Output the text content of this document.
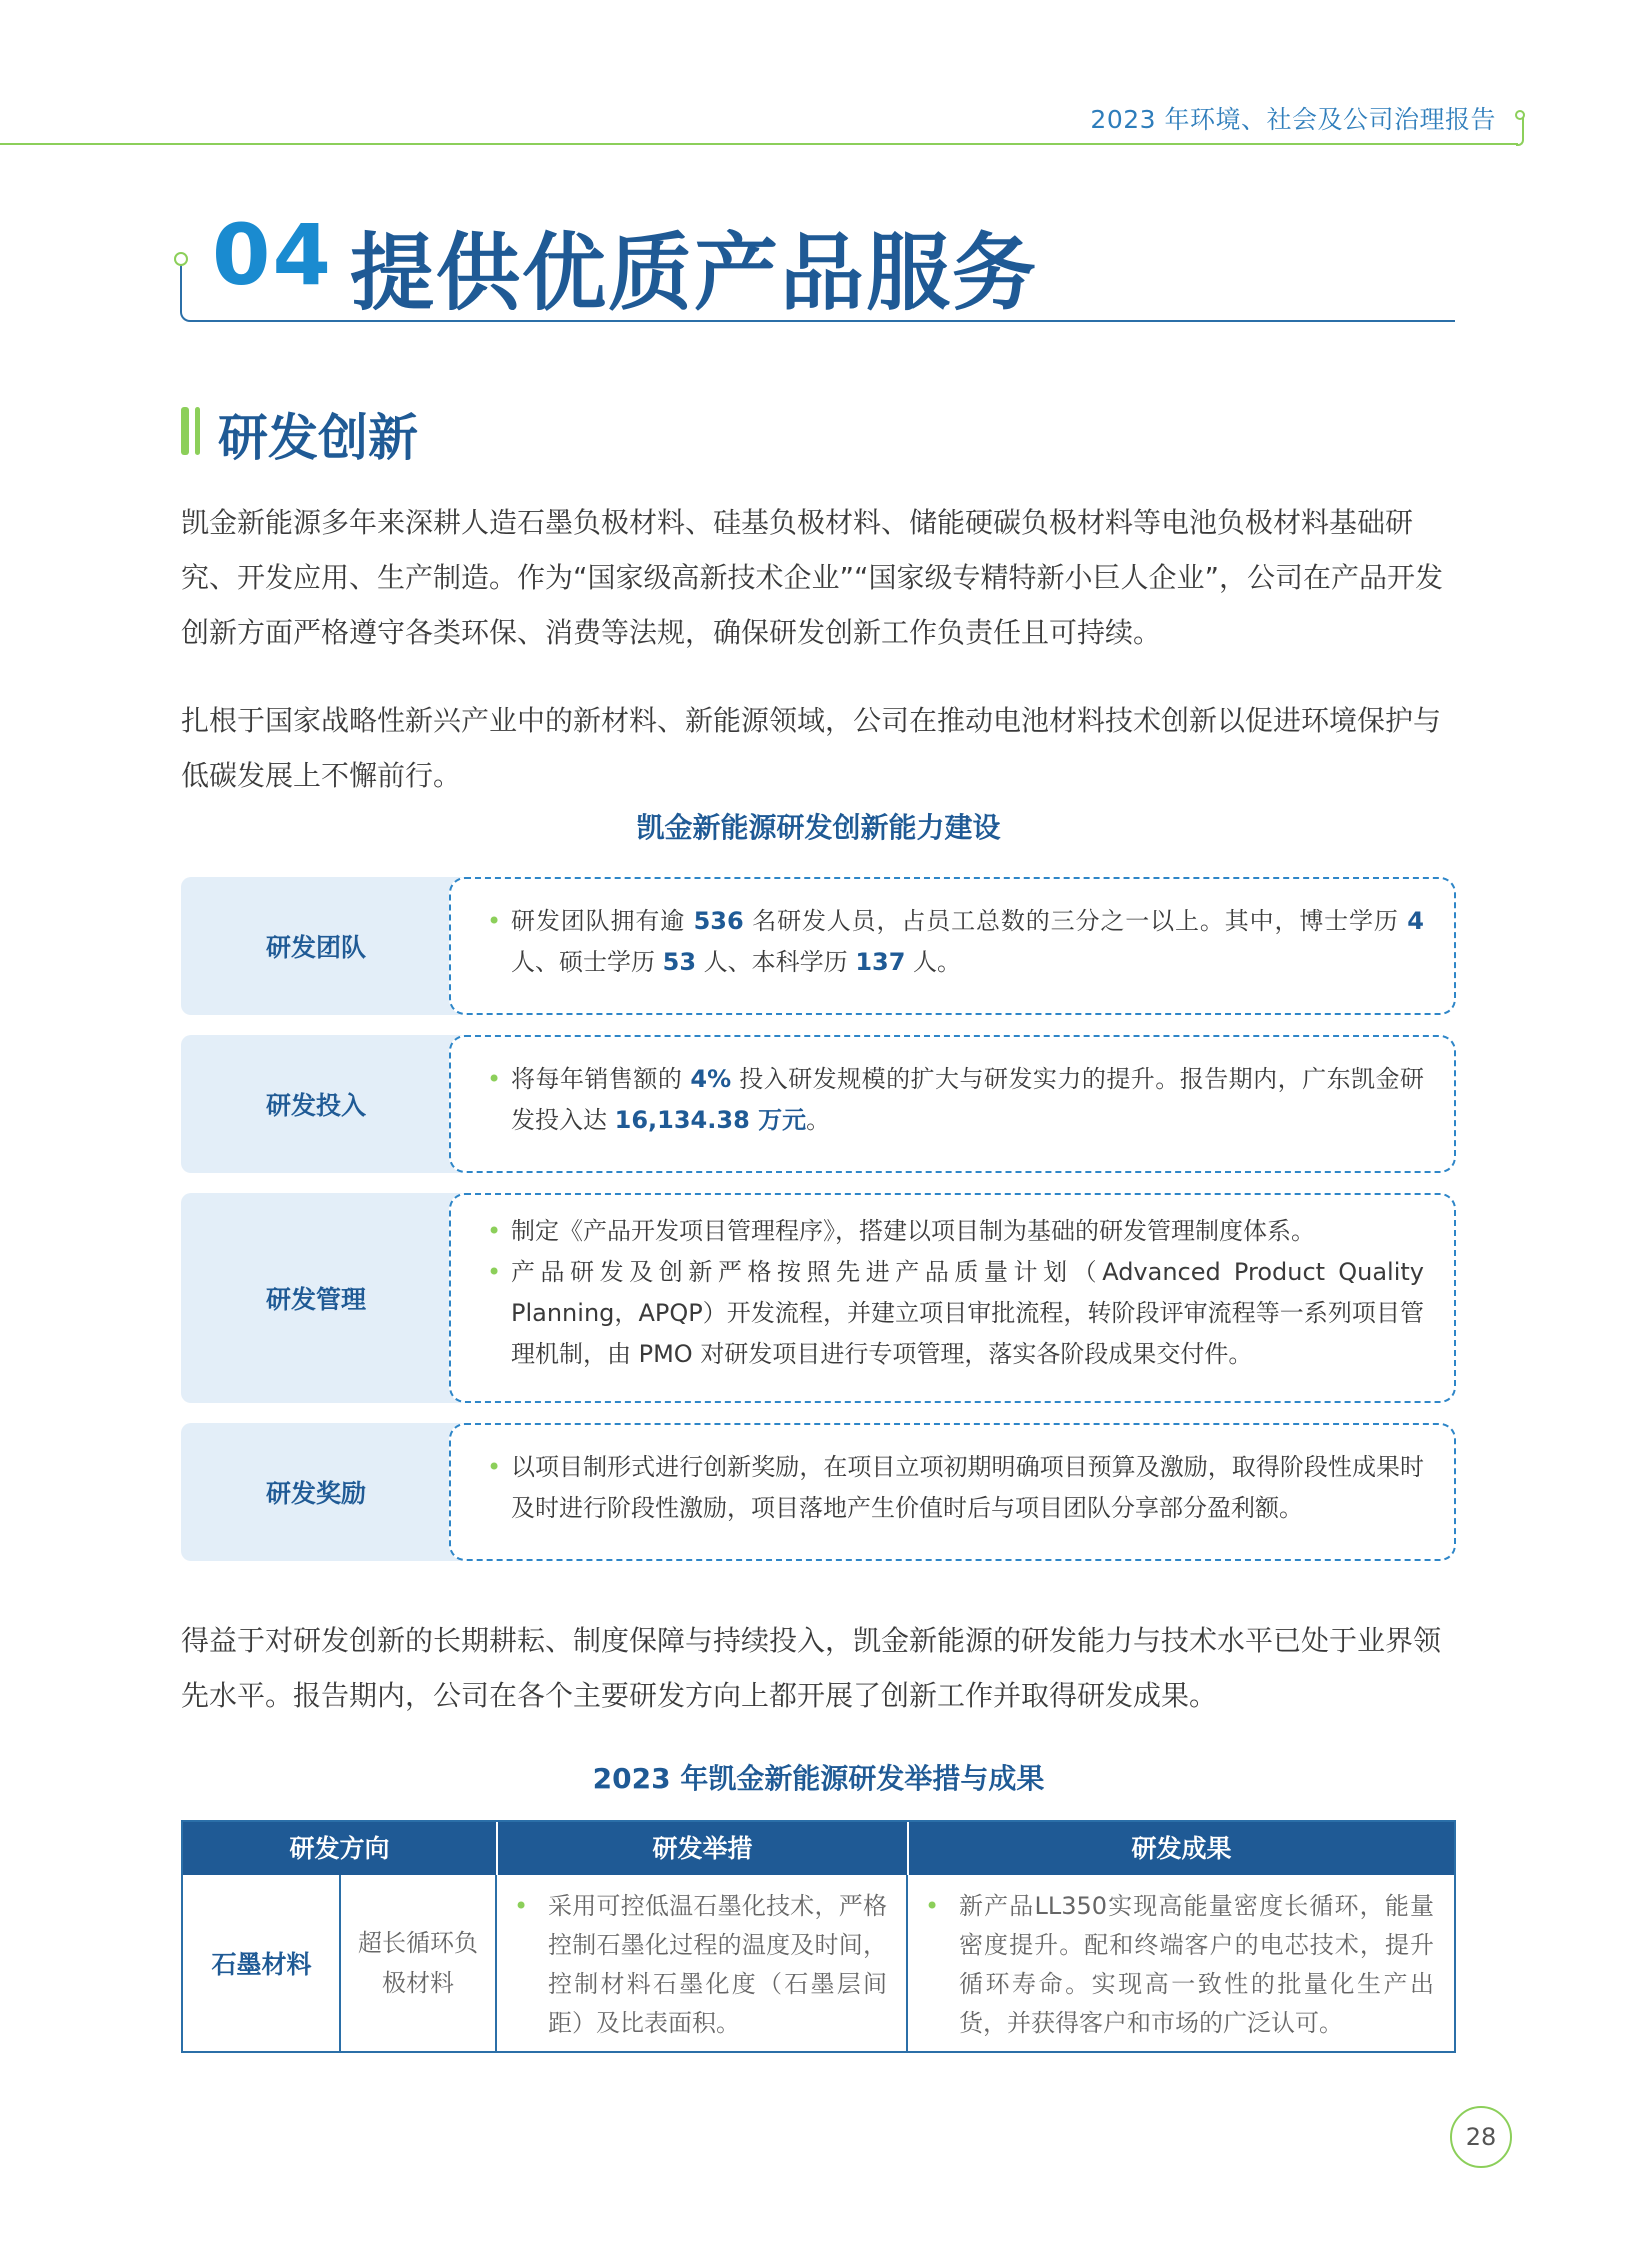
2023 年环境、社会及公司治理报告
04 提供优质产品服务
研发创新

凯金新能源多年来深耕人造石墨负极材料、硅基负极材料、储能硬碳负极材料等电池负极材料基础研究、开发应用、生产制造。作为“国家级高新技术企业”“国家级专精特新小巨人企业”，公司在产品开发创新方面严格遵守各类环保、消费等法规，确保研发创新工作负责任且可持续。

扎根于国家战略性新兴产业中的新材料、新能源领域，公司在推动电池材料技术创新以促进环境保护与低碳发展上不懈前行。

凯金新能源研发创新能力建设
研发团队
• 研发团队拥有逾 536 名研发人员，占员工总数的三分之一以上。其中，博士学历 4 人、硕士学历 53 人、本科学历 137 人。
研发投入
• 将每年销售额的 4% 投入研发规模的扩大与研发实力的提升。报告期内，广东凯金研发投入达 16,134.38 万元。
研发管理
• 制定《产品开发项目管理程序》，搭建以项目制为基础的研发管理制度体系。
• 产品研发及创新严格按照先进产品质量计划（Advanced Product Quality Planning，APQP）开发流程，并建立项目审批流程，转阶段评审流程等一系列项目管理机制，由 PMO 对研发项目进行专项管理，落实各阶段成果交付件。
研发奖励
• 以项目制形式进行创新奖励，在项目立项初期明确项目预算及激励，取得阶段性成果时及时进行阶段性激励，项目落地产生价值时后与项目团队分享部分盈利额。

得益于对研发创新的长期耕耘、制度保障与持续投入，凯金新能源的研发能力与技术水平已处于业界领先水平。报告期内，公司在各个主要研发方向上都开展了创新工作并取得研发成果。

2023 年凯金新能源研发举措与成果
研发方向	研发举措	研发成果
石墨材料
超长循环负极材料
• 采用可控低温石墨化技术，严格控制石墨化过程的温度及时间，控制材料石墨化度（石墨层间距）及比表面积。
• 新产品LL350实现高能量密度长循环，能量密度提升。配和终端客户的电芯技术，提升循环寿命。实现高一致性的批量化生产出货，并获得客户和市场的广泛认可。
28
